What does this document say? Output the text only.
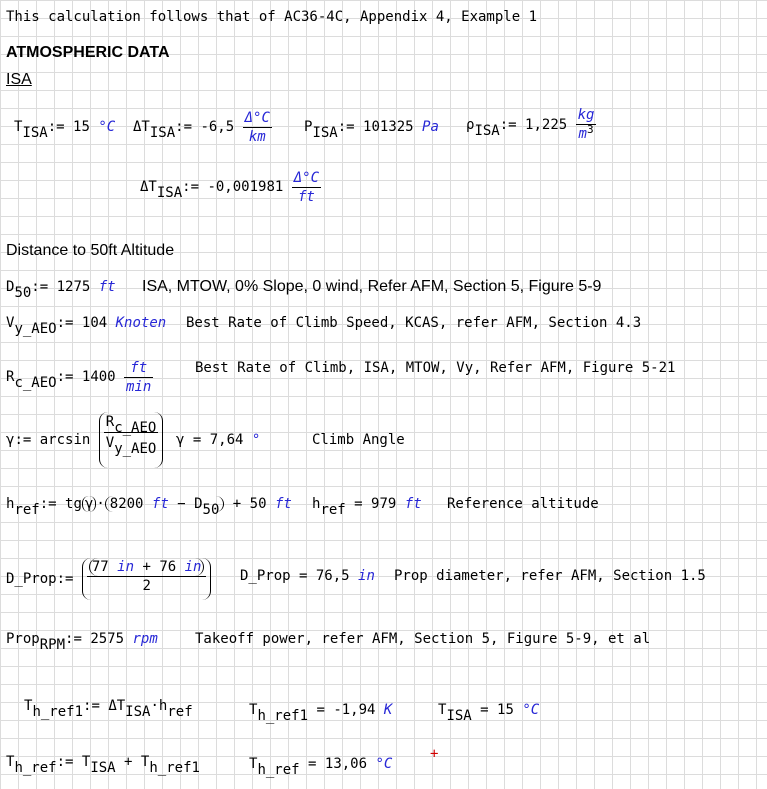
This calculation follows that of AC36-4C, Appendix 4, Example 1
ATMOSPHERIC DATA
ISA
TISA:= 15 °C ΔTISA:= $-6,5 \frac{\Delta^\circ C}{km}$ PISA:= 101325 Pa ρISA:= $1,225 \frac{kg}{m^3}$
ΔTISA:= $-0,001981 \frac{\Delta^\circ C}{ft}$
Distance to 50ft Altitude
D50:= 1275 ft ISA, MTOW, 0% Slope, 0 wind, Refer AFM, Section 5, Figure 5-9
Vy_AEO:= 104 Knoten Best Rate of Climb Speed, KCAS, refer AFM, Section 4.3
Rc_AEO:= $1400 \frac{ft}{\min}$	Best Rate of Climb, ISA, MTOW, Vy, Refer AFM, Figure 5-21
γ:= $\arcsin \frac{\text{Rc\_AEO}}{\text{Vy\_AEO}}$ γ = 7,64 °	Climb Angle
href:= tg γ · 8200 ft − D50 + 50 ft href = 979 ft Reference altitude
D_Prop:= $\frac{77 in + 76 in}{2}$ D_Prop = 76,5 in Prop diameter, refer AFM, Section 1.5
PropRPM:= 2575 rpm	Takeoff power, refer AFM, Section 5, Figure 5-9, et al
Th_ref1:= ΔTISA·href	Th_ref1 = -1,94 K	TISA = 15 °C
Th_ref:= TISA + Th_ref1	Th_ref = 13,06 °C
+
